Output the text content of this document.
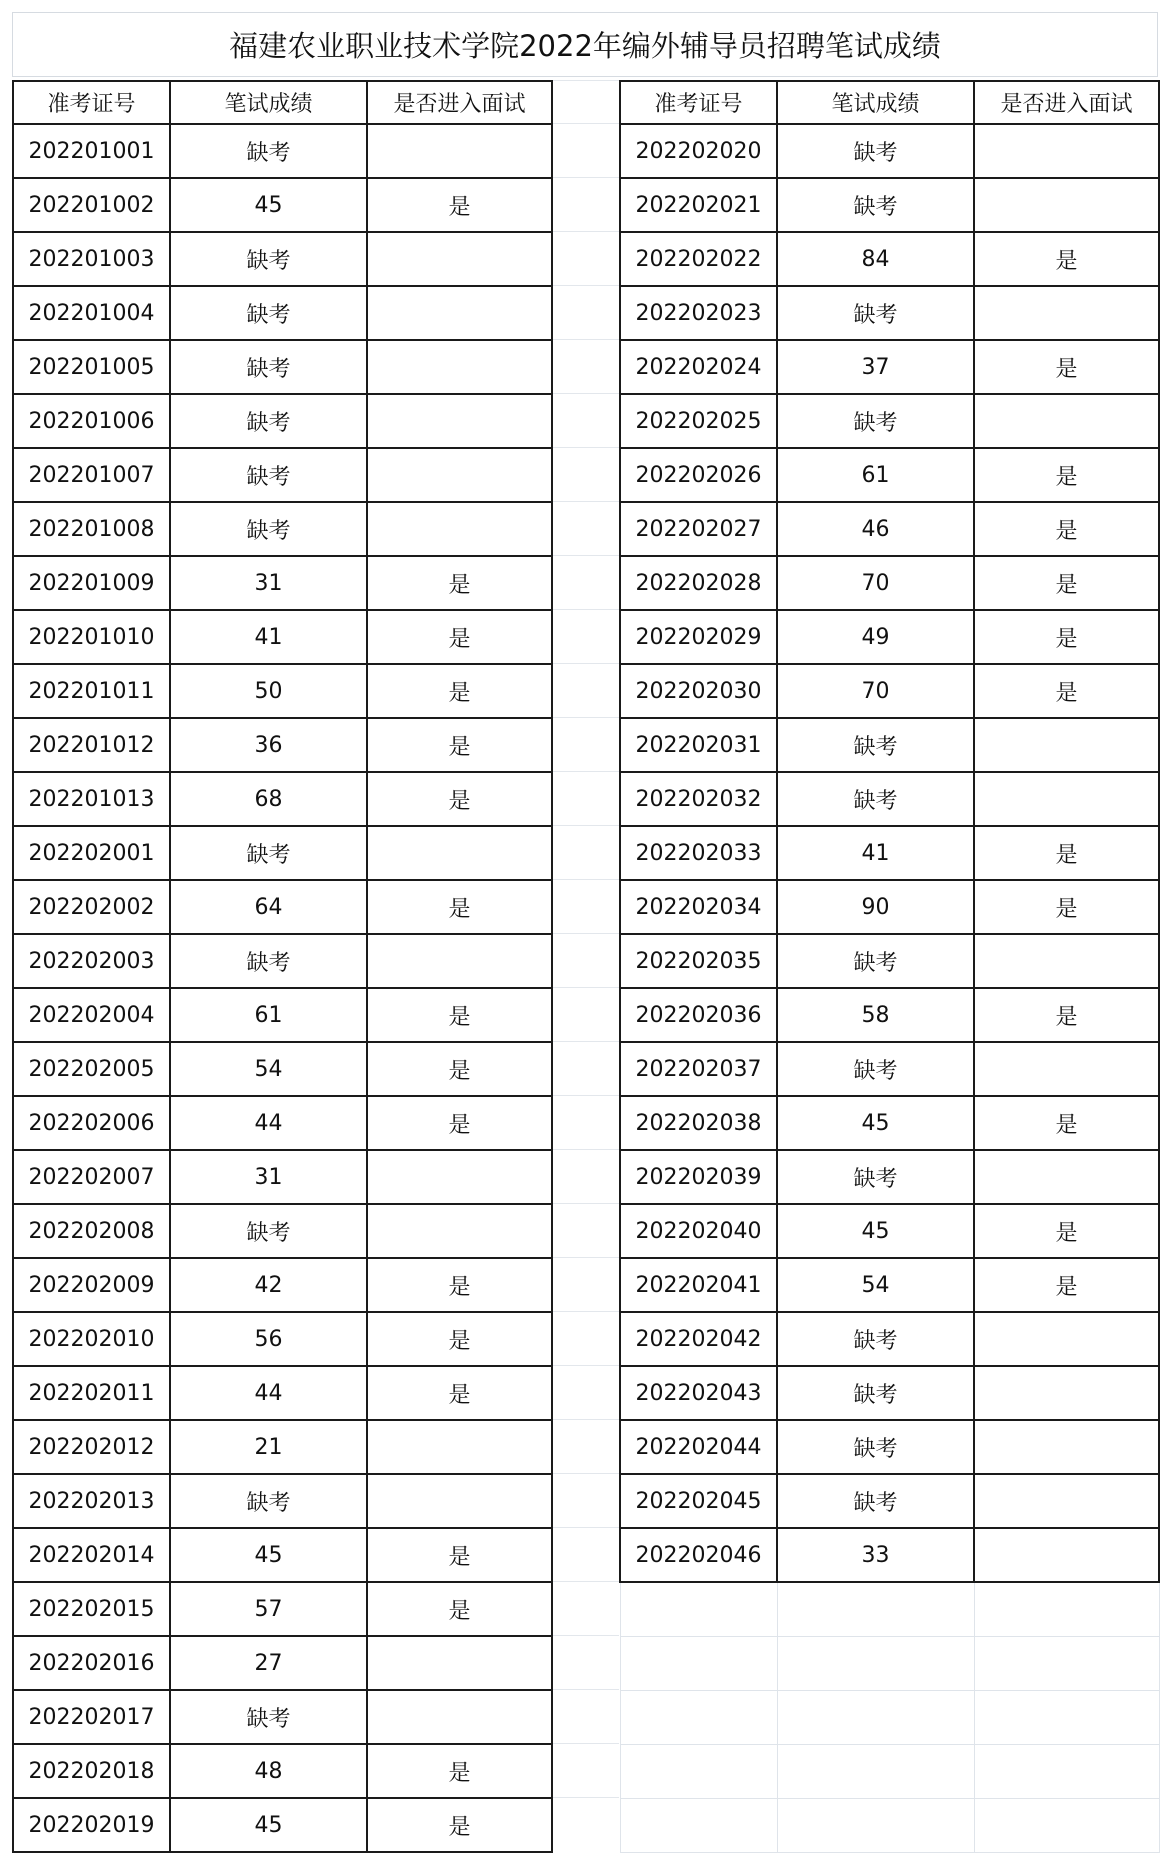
福建农业职业技术学院2022年编外辅导员招聘笔试成绩
准考证号	笔试成绩	是否进入面试
202201001	缺考	
202201002	45	是
202201003	缺考	
202201004	缺考	
202201005	缺考	
202201006	缺考	
202201007	缺考	
202201008	缺考	
202201009	31	是
202201010	41	是
202201011	50	是
202201012	36	是
202201013	68	是
202202001	缺考	
202202002	64	是
202202003	缺考	
202202004	61	是
202202005	54	是
202202006	44	是
202202007	31	
202202008	缺考	
202202009	42	是
202202010	56	是
202202011	44	是
202202012	21	
202202013	缺考	
202202014	45	是
202202015	57	是
202202016	27	
202202017	缺考	
202202018	48	是
202202019	45	是
准考证号	笔试成绩	是否进入面试
202202020	缺考	
202202021	缺考	
202202022	84	是
202202023	缺考	
202202024	37	是
202202025	缺考	
202202026	61	是
202202027	46	是
202202028	70	是
202202029	49	是
202202030	70	是
202202031	缺考	
202202032	缺考	
202202033	41	是
202202034	90	是
202202035	缺考	
202202036	58	是
202202037	缺考	
202202038	45	是
202202039	缺考	
202202040	45	是
202202041	54	是
202202042	缺考	
202202043	缺考	
202202044	缺考	
202202045	缺考	
202202046	33	
